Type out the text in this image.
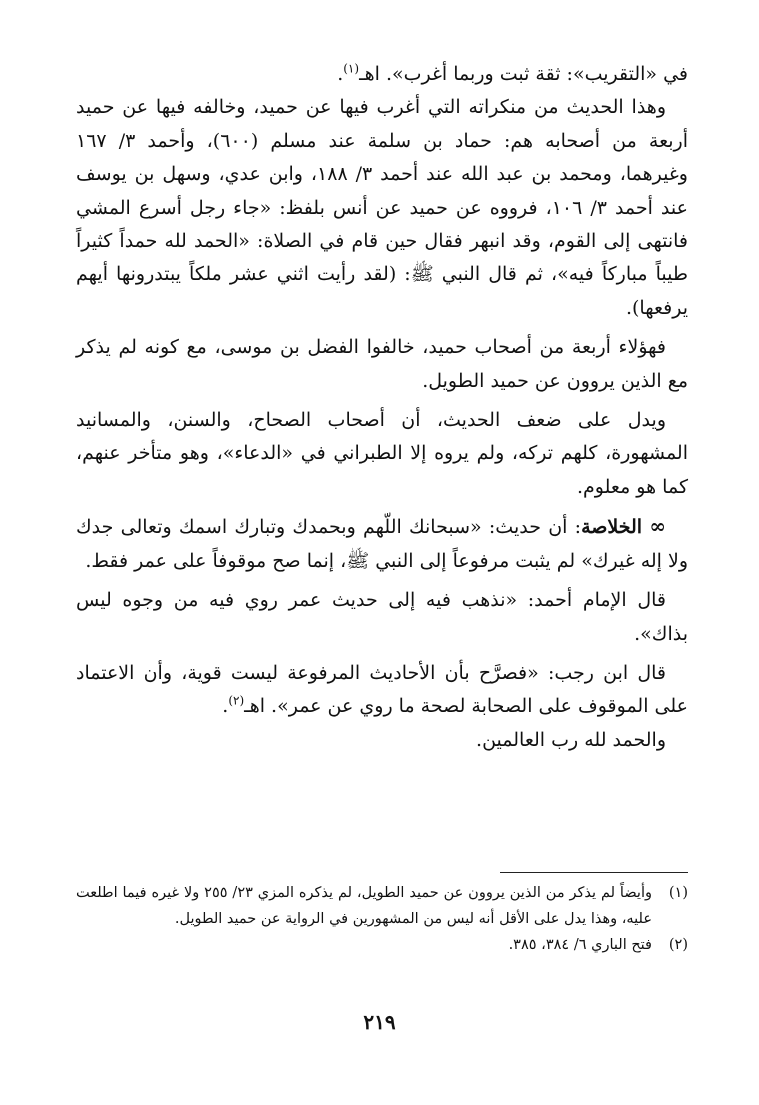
في «التقريب»: ثقة ثبت وربما أغرب». اهـ$^{(١)}$.

وهذا الحديث من منكراته التي أغرب فيها عن حميد، وخالفه فيها عن حميد أربعة من أصحابه هم: حماد بن سلمة عند مسلم (٦٠٠)، وأحمد ٣/ ١٦٧ وغيرهما، ومحمد بن عبد الله عند أحمد ٣/ ١٨٨، وابن عدي، وسهل بن يوسف عند أحمد ٣/ ١٠٦، فرووه عن حميد عن أنس بلفظ: «جاء رجل أسرع المشي فانتهى إلى القوم، وقد انبهر فقال حين قام في الصلاة: «الحمد لله حمداً كثيراً طيباً مباركاً فيه»، ثم قال النبي ﷺ: (لقد رأيت اثني عشر ملكاً يبتدرونها أيهم يرفعها).

فهؤلاء أربعة من أصحاب حميد، خالفوا الفضل بن موسى، مع كونه لم يذكر مع الذين يروون عن حميد الطويل.

ويدل على ضعف الحديث، أن أصحاب الصحاح، والسنن، والمسانيد المشهورة، كلهم تركه، ولم يروه إلا الطبراني في «الدعاء»، وهو متأخر عنهم، كما هو معلوم.

∞ الخلاصة: أن حديث: «سبحانك اللّهم وبحمدك وتبارك اسمك وتعالى جدك ولا إله غيرك» لم يثبت مرفوعاً إلى النبي ﷺ، إنما صح موقوفاً على عمر فقط.

قال الإمام أحمد: «نذهب فيه إلى حديث عمر روي فيه من وجوه ليس بذاك».

قال ابن رجب: «فصرَّح بأن الأحاديث المرفوعة ليست قوية، وأن الاعتماد على الموقوف على الصحابة لصحة ما روي عن عمر». اهـ$^{(٢)}$.

والحمد لله رب العالمين.

(١)
وأيضاً لم يذكر من الذين يروون عن حميد الطويل، لم يذكره المزي ٢٣/ ٢٥٥ ولا غيره فيما اطلعت عليه، وهذا يدل على الأقل أنه ليس من المشهورين في الرواية عن حميد الطويل.
(٢)
فتح الباري ٦/ ٣٨٤، ٣٨٥.
٢١٩
